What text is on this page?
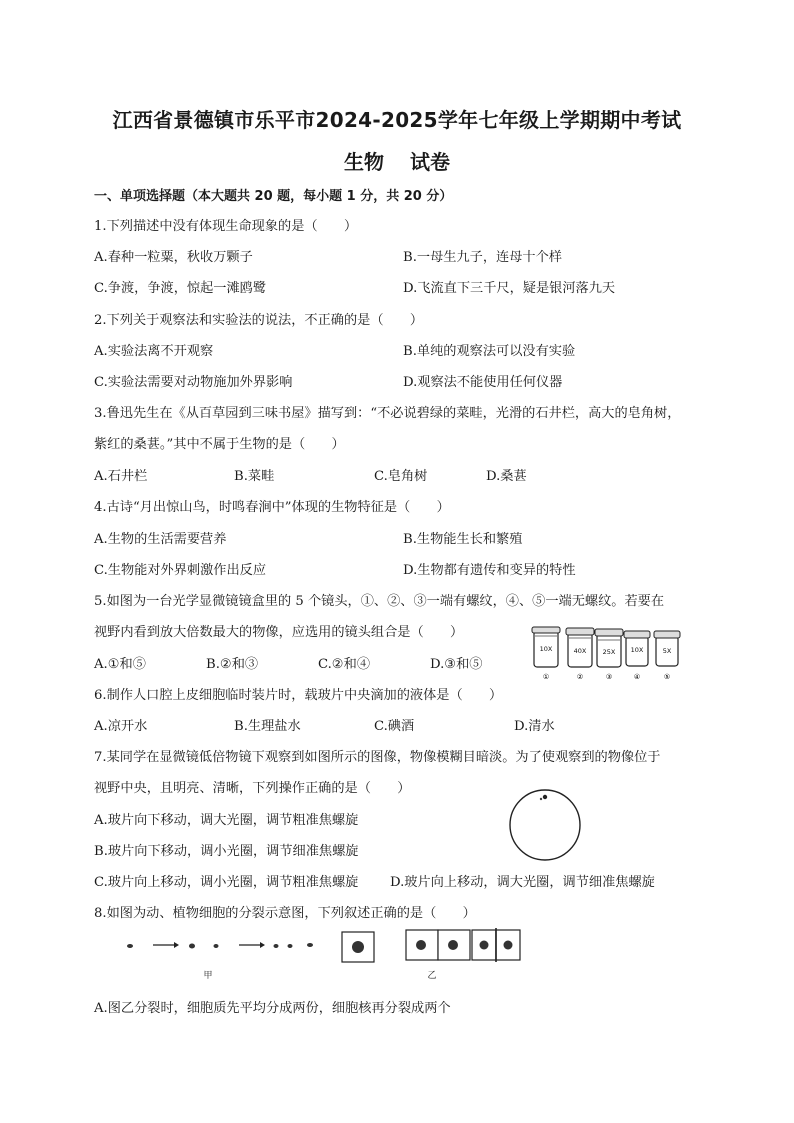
江西省景德镇市乐平市2024-2025学年七年级上学期期中考试
生物 试卷
一、单项选择题（本大题共 20 题，每小题 1 分，共 20 分）
1.下列描述中没有体现生命现象的是（　　）
A.春种一粒粟，秋收万颗子	B.一母生九子，连母十个样
C.争渡，争渡，惊起一滩鸥鹭	D.飞流直下三千尺，疑是银河落九天
2.下列关于观察法和实验法的说法，不正确的是（　　）
A.实验法离不开观察	B.单纯的观察法可以没有实验
C.实验法需要对动物施加外界影响	D.观察法不能使用任何仪器
3.鲁迅先生在《从百草园到三味书屋》描写到：“不必说碧绿的菜畦，光滑的石井栏，高大的皂角树，
紫红的桑葚。”其中不属于生物的是（　　）
A.石井栏	B.菜畦	C.皂角树	D.桑葚
4.古诗“月出惊山鸟，时鸣春涧中”体现的生物特征是（　　）
A.生物的生活需要营养	B.生物能生长和繁殖
C.生物能对外界刺激作出反应	D.生物都有遗传和变异的特性
5.如图为一台光学显微镜镜盒里的 5 个镜头，①、②、③一端有螺纹，④、⑤一端无螺纹。若要在
视野内看到放大倍数最大的物像，应选用的镜头组合是（　　）
A.①和⑤	B.②和③	C.②和④	D.③和⑤
10X	40X	25X 10X	5X
①	②	③	④	⑤
6.制作人口腔上皮细胞临时装片时，载玻片中央滴加的液体是（　　）
A.凉开水	B.生理盐水	C.碘酒	D.清水
7.某同学在显微镜低倍物镜下观察到如图所示的图像，物像模糊目暗淡。为了使观察到的物像位于
视野中央，且明亮、清晰，下列操作正确的是（　　）
A.玻片向下移动，调大光圈，调节粗准焦螺旋
B.玻片向下移动，调小光圈，调节细准焦螺旋
C.玻片向上移动，调小光圈，调节粗准焦螺旋 D.玻片向上移动，调大光圈，调节细准焦螺旋
8.如图为动、植物细胞的分裂示意图，下列叙述正确的是（　　）
甲	乙
A.图乙分裂时，细胞质先平均分成两份，细胞核再分裂成两个
